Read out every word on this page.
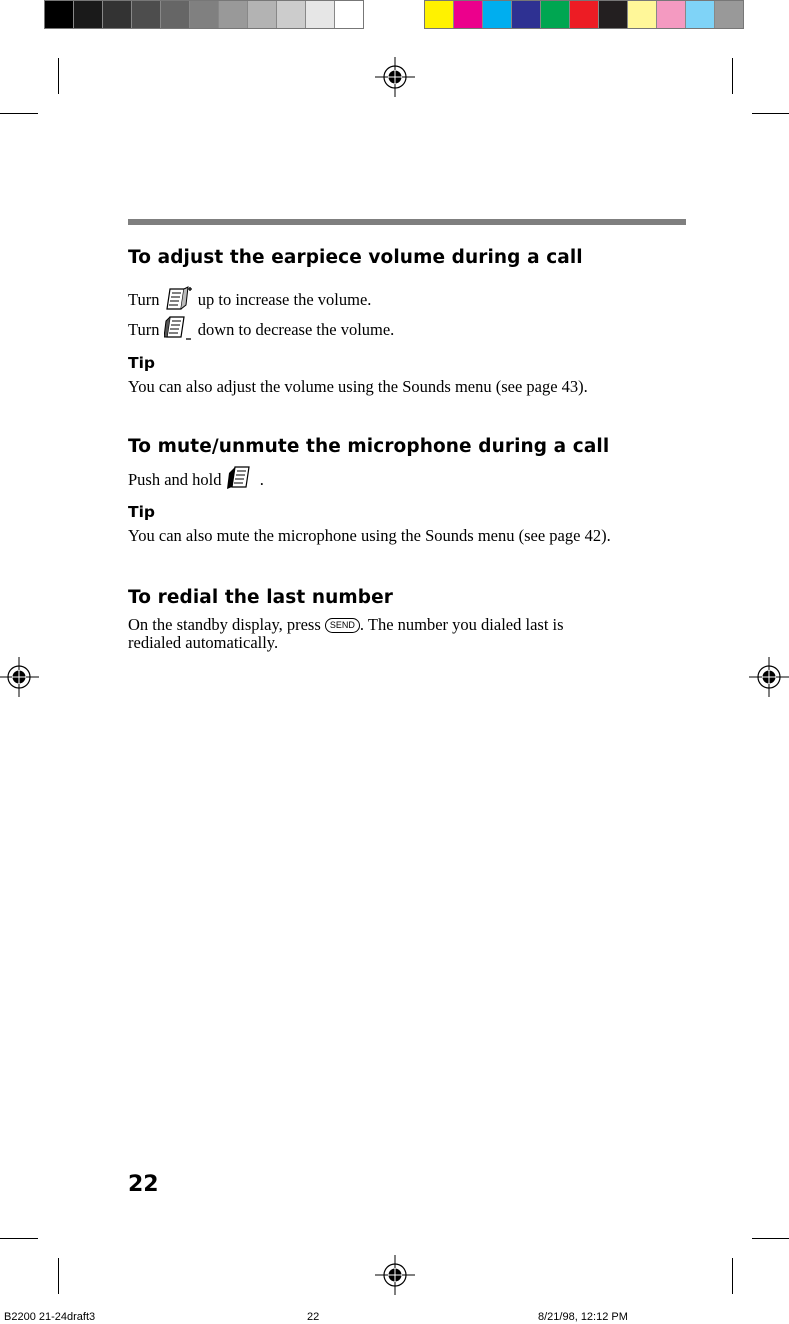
To adjust the earpiece volume during a call
Turn up to increase the volume.
Turn down to decrease the volume.
Tip
You can also adjust the volume using the Sounds menu (see page 43).
To mute/unmute the microphone during a call
Push and hold .
Tip
You can also mute the microphone using the Sounds menu (see page 42).
To redial the last number
On the standby display, press SEND . The number you dialed last is
redialed automatically.
22
B2200 21-24draft3	22	8/21/98, 12:12 PM
